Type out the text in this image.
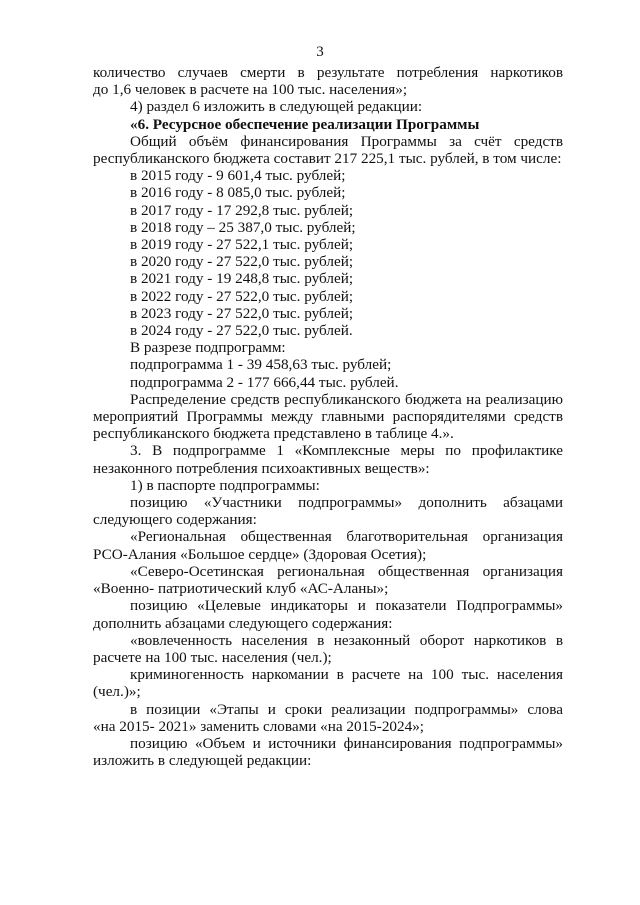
3

количество случаев смерти в результате потребления наркотиков

до 1,6 человек в расчете на 100 тыс. населения»;

4) раздел 6 изложить в следующей редакции:

«6. Ресурсное обеспечение реализации Программы

Общий объём финансирования Программы за счёт средств

республиканского бюджета составит 217 225,1 тыс. рублей, в том числе:

в 2015 году - 9 601,4 тыс. рублей;

в 2016 году - 8 085,0 тыс. рублей;

в 2017 году - 17 292,8 тыс. рублей;

в 2018 году – 25 387,0 тыс. рублей;

в 2019 году - 27 522,1 тыс. рублей;

в 2020 году - 27 522,0 тыс. рублей;

в 2021 году - 19 248,8 тыс. рублей;

в 2022 году - 27 522,0 тыс. рублей;

в 2023 году - 27 522,0 тыс. рублей;

в 2024 году - 27 522,0 тыс. рублей.

В разрезе подпрограмм:

подпрограмма 1 - 39 458,63 тыс. рублей;

подпрограмма 2 - 177 666,44 тыс. рублей.

Распределение средств республиканского бюджета на реализацию

мероприятий Программы между главными распорядителями средств

республиканского бюджета представлено в таблице 4.».

3. В подпрограмме 1 «Комплексные меры по профилактике

незаконного потребления психоактивных веществ»:

1) в паспорте подпрограммы:

позицию «Участники подпрограммы» дополнить абзацами

следующего содержания:

«Региональная общественная благотворительная организация

РСО-Алания «Большое сердце» (Здоровая Осетия);

«Северо-Осетинская региональная общественная организация

«Военно- патриотический клуб «АС-Аланы»;

позицию «Целевые индикаторы и показатели Подпрограммы»

дополнить абзацами следующего содержания:

«вовлеченность населения в незаконный оборот наркотиков в

расчете на 100 тыс. населения (чел.);

криминогенность наркомании в расчете на 100 тыс. населения

(чел.)»;

в позиции «Этапы и сроки реализации подпрограммы» слова

«на 2015- 2021» заменить словами «на 2015-2024»;

позицию «Объем и источники финансирования подпрограммы»

изложить в следующей редакции:
